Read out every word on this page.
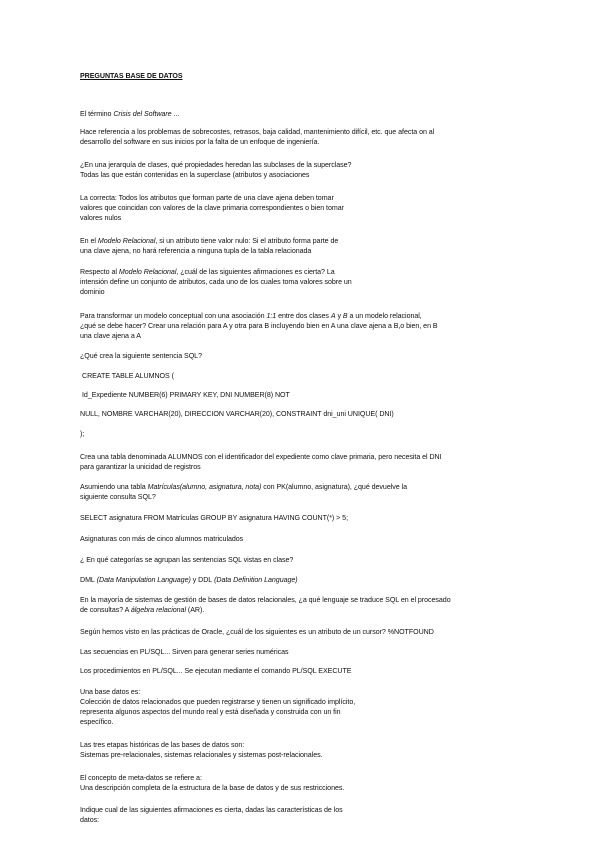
PREGUNTAS BASE DE DATOS

El término Crisis del Software ...

Hace referencia a los problemas de sobrecostes, retrasos, baja calidad, mantenimiento difícil, etc. que afecta on al

desarrollo del software en sus inicios por la falta de un enfoque de ingeniería.

¿En una jerarquía de clases, qué propiedades heredan las subclases de la superclase?

Todas las que están contenidas en la superclase (atributos y asociaciones

La correcta: Todos los atributos que forman parte de una clave ajena deben tomar

valores que coincidan con valores de la clave primaria correspondientes o bien tomar

valores nulos

En el Modelo Relacional, si un atributo tiene valor nulo: Si el atributo forma parte de

una clave ajena, no hará referencia a ninguna tupla de la tabla relacionada

Respecto al Modelo Relacional, ¿cuál de las siguientes afirmaciones es cierta? La

intensión define un conjunto de atributos, cada uno de los cuales toma valores sobre un

dominio

Para transformar un modelo conceptual con una asociación 1:1 entre dos clases A y B a un modelo relacional,

¿qué se debe hacer? Crear una relación para A y otra para B incluyendo bien en A una clave ajena a B,o bien, en B

una clave ajena a A

¿Qué crea la siguiente sentencia SQL?

CREATE TABLE ALUMNOS (

Id_Expediente NUMBER(6) PRIMARY KEY, DNI NUMBER(8) NOT

NULL, NOMBRE VARCHAR(20), DIRECCION VARCHAR(20), CONSTRAINT dni_uni UNIQUE( DNI)

);

Crea una tabla denominada ALUMNOS con el identificador del expediente como clave primaria, pero necesita el DNI

para garantizar la unicidad de registros

Asumiendo una tabla Matrículas(alumno, asignatura, nota) con PK(alumno, asignatura), ¿qué devuelve la

siguiente consulta SQL?

SELECT asignatura FROM Matrículas GROUP BY asignatura HAVING COUNT(*) > 5;

Asignaturas con más de cinco alumnos matriculados

¿ En qué categorías se agrupan las sentencias SQL vistas en clase?

DML (Data Manipulation Language) y DDL (Data Definition Language)

En la mayoría de sistemas de gestión de bases de datos relacionales, ¿a qué lenguaje se traduce SQL en el procesado

de consultas? A álgebra relacional (AR).

Según hemos visto en las prácticas de Oracle, ¿cuál de los siguientes es un atributo de un cursor? %NOTFOUND

Las secuencias en PL/SQL... Sirven para generar series numéricas

Los procedimientos en PL/SQL... Se ejecutan mediante el comando PL/SQL EXECUTE

Una base datos es:

Colección de datos relacionados que pueden registrarse y tienen un significado implícito,

representa algunos aspectos del mundo real y está diseñada y construida con un fin

específico.

Las tres etapas históricas de las bases de datos son:

Sistemas pre-relacionales, sistemas relacionales y sistemas post-relacionales.

El concepto de meta-datos se refiere a:

Una descripción completa de la estructura de la base de datos y de sus restricciones.

Indique cual de las siguientes afirmaciones es cierta, dadas las características de los

datos:
